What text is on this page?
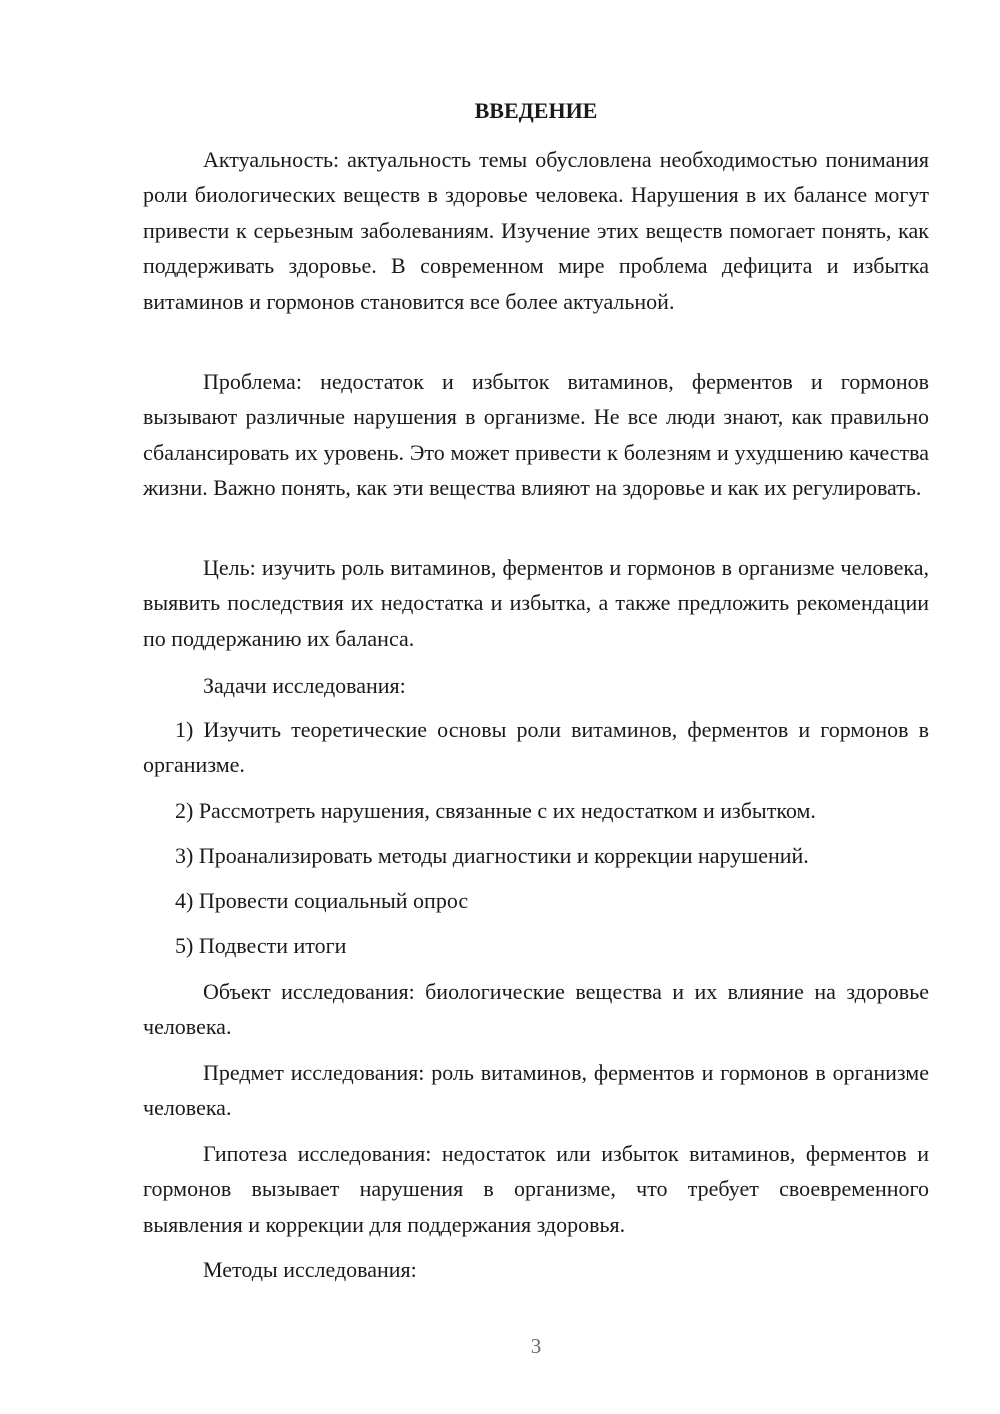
ВВЕДЕНИЕ

Актуальность: актуальность темы обусловлена необходимостью понимания роли биологических веществ в здоровье человека. Нарушения в их балансе могут привести к серьезным заболеваниям. Изучение этих веществ помогает понять, как поддерживать здоровье. В современном мире проблема дефицита и избытка витаминов и гормонов становится все более актуальной.

Проблема: недостаток и избыток витаминов, ферментов и гормонов вызывают различные нарушения в организме. Не все люди знают, как правильно сбалансировать их уровень. Это может привести к болезням и ухудшению качества жизни. Важно понять, как эти вещества влияют на здоровье и как их регулировать.

Цель: изучить роль витаминов, ферментов и гормонов в организме человека, выявить последствия их недостатка и избытка, а также предложить рекомендации по поддержанию их баланса.

Задачи исследования:

1) Изучить теоретические основы роли витаминов, ферментов и гормонов в организме.

2) Рассмотреть нарушения, связанные с их недостатком и избытком.

3) Проанализировать методы диагностики и коррекции нарушений.

4) Провести социальный опрос

5) Подвести итоги

Объект исследования: биологические вещества и их влияние на здоровье человека.

Предмет исследования: роль витаминов, ферментов и гормонов в организме человека.

Гипотеза исследования: недостаток или избыток витаминов, ферментов и гормонов вызывает нарушения в организме, что требует своевременного выявления и коррекции для поддержания здоровья.

Методы исследования:

3
